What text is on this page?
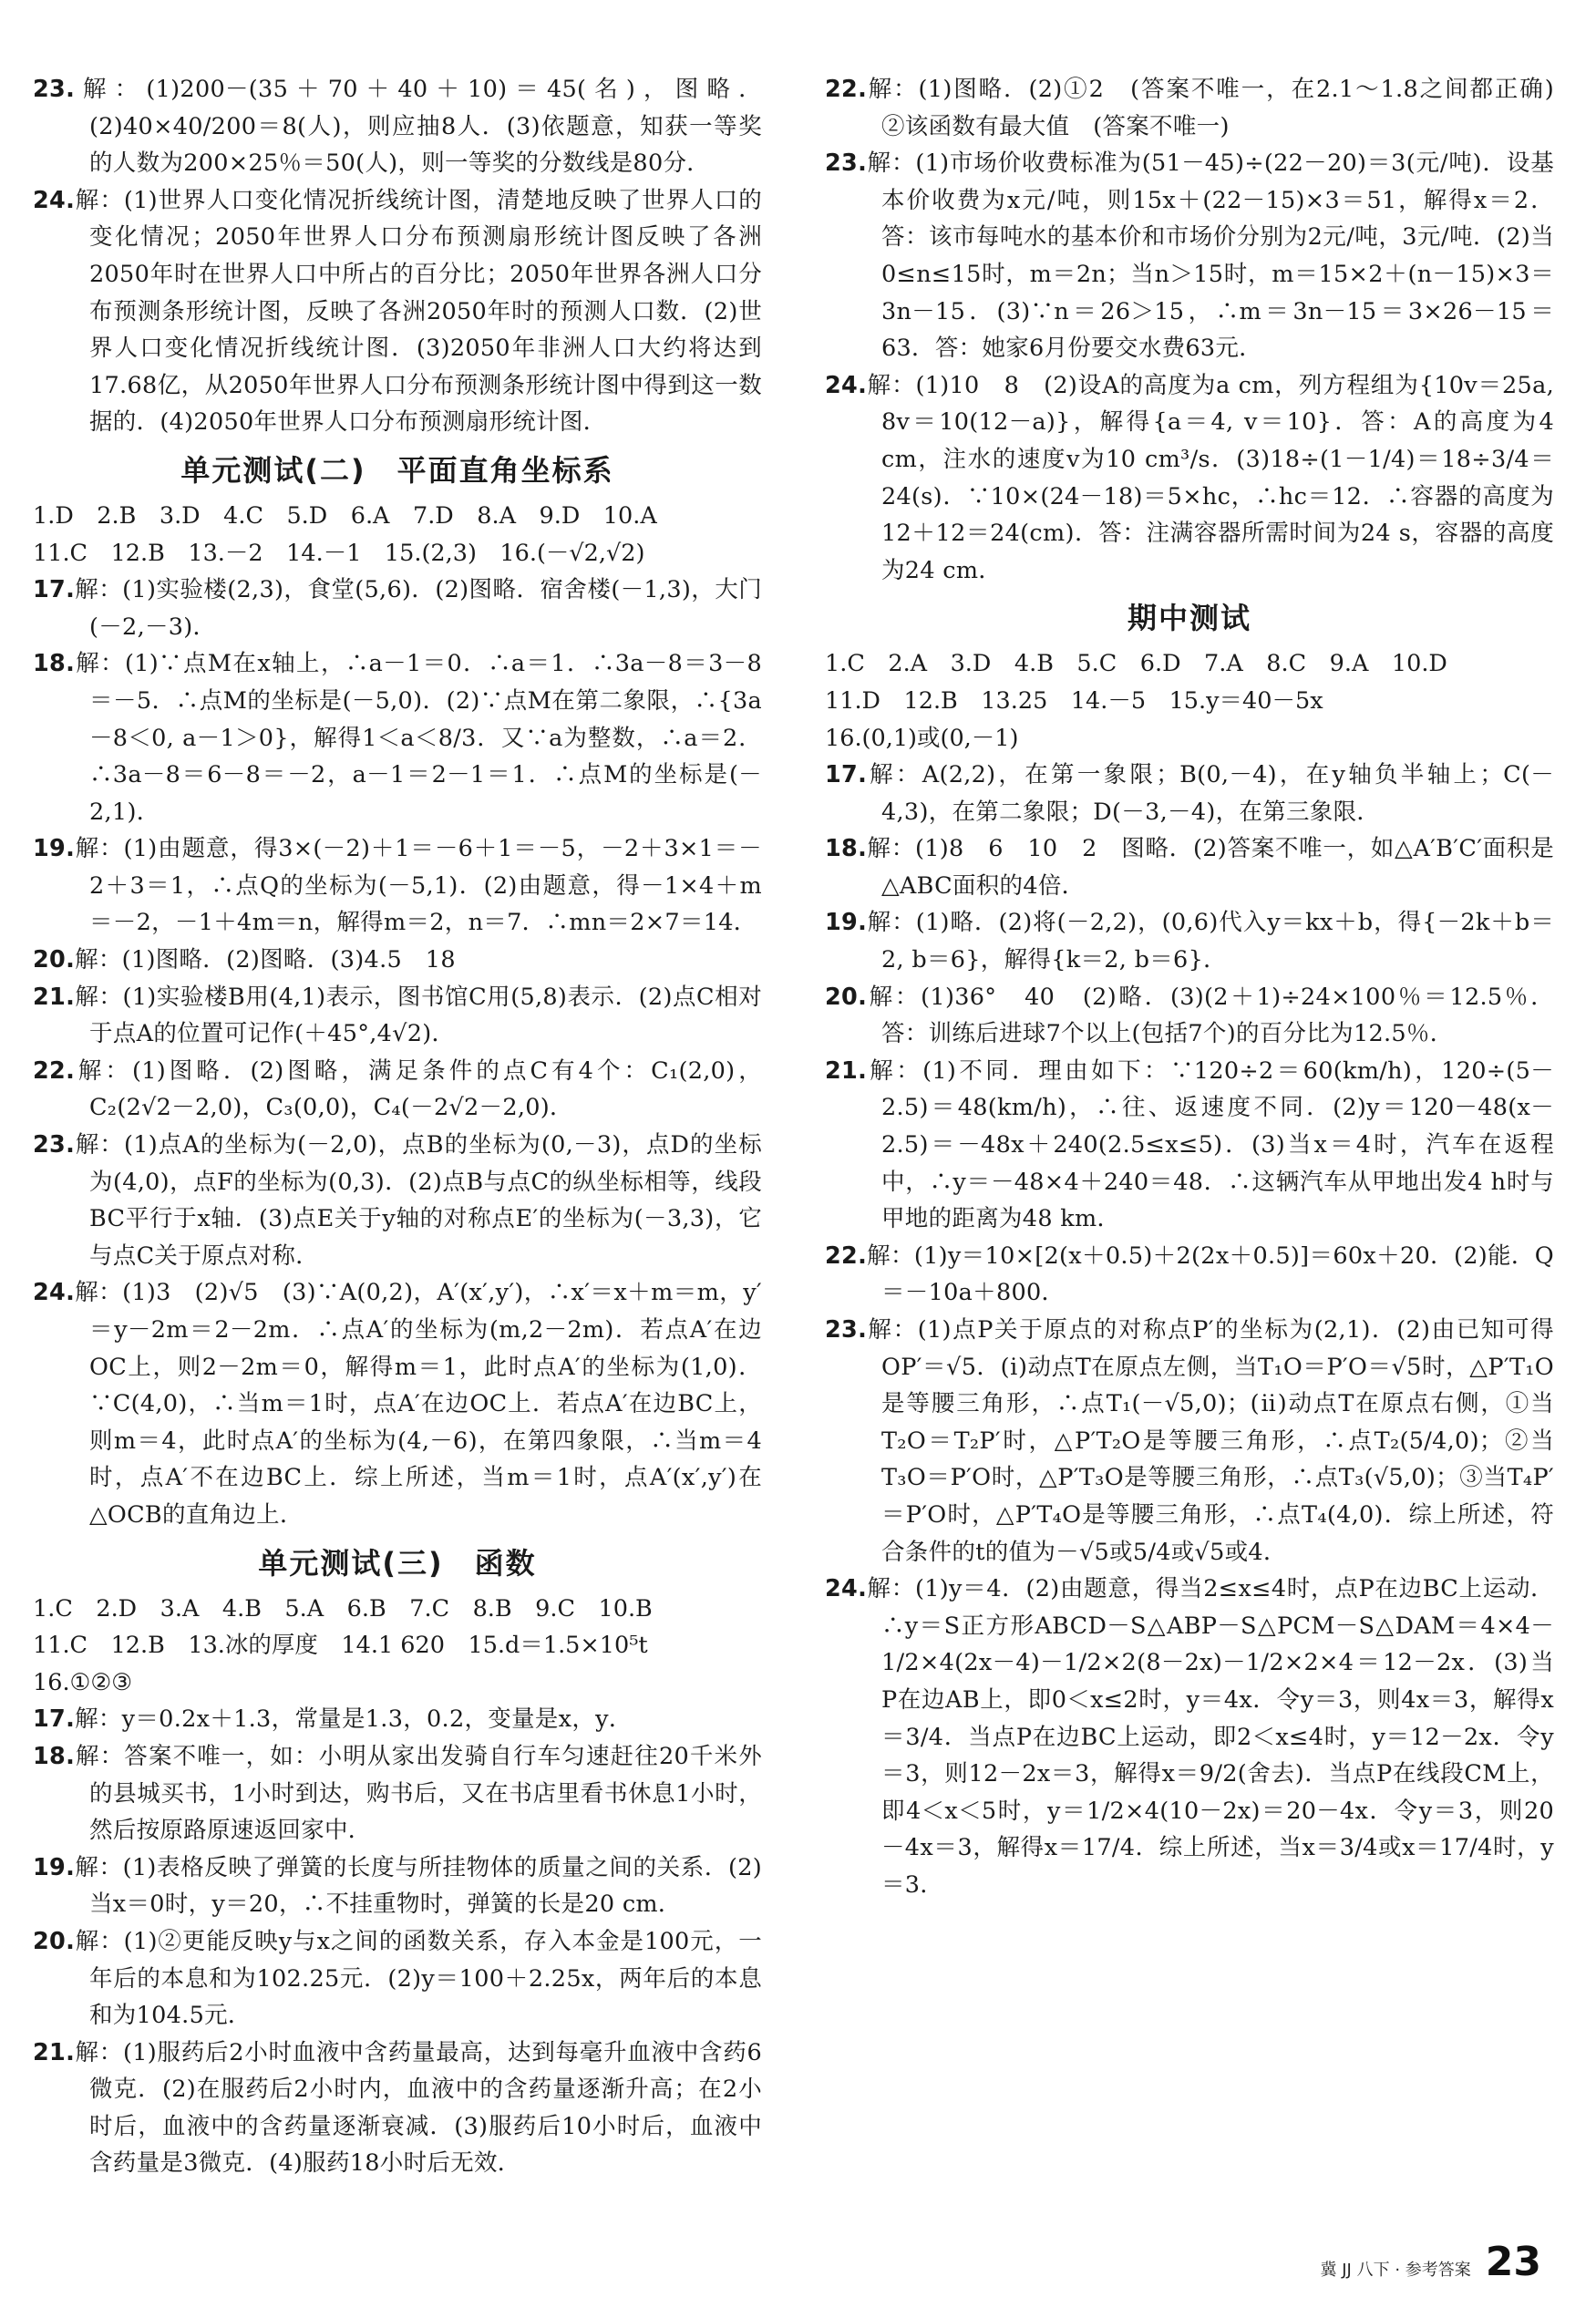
23.解：(1)200－(35＋70＋40＋10)＝45(名)，图略．(2)40×40/200＝8(人)，则应抽8人．(3)依题意，知获一等奖的人数为200×25％＝50(人)，则一等奖的分数线是80分．

24.解：(1)世界人口变化情况折线统计图，清楚地反映了世界人口的变化情况；2050年世界人口分布预测扇形统计图反映了各洲2050年时在世界人口中所占的百分比；2050年世界各洲人口分布预测条形统计图，反映了各洲2050年时的预测人口数．(2)世界人口变化情况折线统计图．(3)2050年非洲人口大约将达到17.68亿，从2050年世界人口分布预测条形统计图中得到这一数据的．(4)2050年世界人口分布预测扇形统计图．

单元测试(二)　平面直角坐标系

1.D　2.B　3.D　4.C　5.D　6.A　7.D　8.A　9.D　10.A

11.C　12.B　13.－2　14.－1　15.(2,3)　16.(－√2,√2)

17.解：(1)实验楼(2,3)，食堂(5,6)．(2)图略．宿舍楼(－1,3)，大门(－2,－3)．

18.解：(1)∵点M在x轴上，∴a－1＝0．∴a＝1．∴3a－8＝3－8＝－5．∴点M的坐标是(－5,0)．(2)∵点M在第二象限，∴{3a－8＜0, a－1＞0}，解得1＜a＜8/3．又∵a为整数，∴a＝2．∴3a－8＝6－8＝－2，a－1＝2－1＝1．∴点M的坐标是(－2,1)．

19.解：(1)由题意，得3×(－2)＋1＝－6＋1＝－5，－2＋3×1＝－2＋3＝1，∴点Q的坐标为(－5,1)．(2)由题意，得－1×4＋m＝－2，－1＋4m＝n，解得m＝2，n＝7．∴mn＝2×7＝14．

20.解：(1)图略．(2)图略．(3)4.5　18

21.解：(1)实验楼B用(4,1)表示，图书馆C用(5,8)表示．(2)点C相对于点A的位置可记作(＋45°,4√2)．

22.解：(1)图略．(2)图略，满足条件的点C有4个：C₁(2,0)，C₂(2√2－2,0)，C₃(0,0)，C₄(－2√2－2,0)．

23.解：(1)点A的坐标为(－2,0)，点B的坐标为(0,－3)，点D的坐标为(4,0)，点F的坐标为(0,3)．(2)点B与点C的纵坐标相等，线段BC平行于x轴．(3)点E关于y轴的对称点E′的坐标为(－3,3)，它与点C关于原点对称．

24.解：(1)3　(2)√5　(3)∵A(0,2)，A′(x′,y′)，∴x′＝x＋m＝m，y′＝y－2m＝2－2m．∴点A′的坐标为(m,2－2m)．若点A′在边OC上，则2－2m＝0，解得m＝1，此时点A′的坐标为(1,0)．∵C(4,0)，∴当m＝1时，点A′在边OC上．若点A′在边BC上，则m＝4，此时点A′的坐标为(4,－6)，在第四象限，∴当m＝4时，点A′不在边BC上．综上所述，当m＝1时，点A′(x′,y′)在△OCB的直角边上．

单元测试(三)　函数

1.C　2.D　3.A　4.B　5.A　6.B　7.C　8.B　9.C　10.B

11.C　12.B　13.冰的厚度　14.1 620　15.d＝1.5×10⁵t

16.①②③

17.解：y＝0.2x＋1.3，常量是1.3，0.2，变量是x，y．

18.解：答案不唯一，如：小明从家出发骑自行车匀速赶往20千米外的县城买书，1小时到达，购书后，又在书店里看书休息1小时，然后按原路原速返回家中．

19.解：(1)表格反映了弹簧的长度与所挂物体的质量之间的关系．(2)当x＝0时，y＝20，∴不挂重物时，弹簧的长是20 cm．

20.解：(1)②更能反映y与x之间的函数关系，存入本金是100元，一年后的本息和为102.25元．(2)y＝100＋2.25x，两年后的本息和为104.5元．

21.解：(1)服药后2小时血液中含药量最高，达到每毫升血液中含药6微克．(2)在服药后2小时内，血液中的含药量逐渐升高；在2小时后，血液中的含药量逐渐衰减．(3)服药后10小时后，血液中含药量是3微克．(4)服药18小时后无效．

22.解：(1)图略．(2)①2　(答案不唯一，在2.1～1.8之间都正确)　②该函数有最大值　(答案不唯一)

23.解：(1)市场价收费标准为(51－45)÷(22－20)＝3(元/吨)．设基本价收费为x元/吨，则15x＋(22－15)×3＝51，解得x＝2．答：该市每吨水的基本价和市场价分别为2元/吨，3元/吨．(2)当0≤n≤15时，m＝2n；当n＞15时，m＝15×2＋(n－15)×3＝3n－15．(3)∵n＝26＞15，∴m＝3n－15＝3×26－15＝63．答：她家6月份要交水费63元．

24.解：(1)10　8　(2)设A的高度为a cm，列方程组为{10v＝25a, 8v＝10(12－a)}，解得{a＝4, v＝10}．答：A的高度为4 cm，注水的速度v为10 cm³/s．(3)18÷(1－1/4)＝18÷3/4＝24(s)．∵10×(24－18)＝5×hc，∴hc＝12．∴容器的高度为12＋12＝24(cm)．答：注满容器所需时间为24 s，容器的高度为24 cm．

期中测试

1.C　2.A　3.D　4.B　5.C　6.D　7.A　8.C　9.A　10.D

11.D　12.B　13.25　14.－5　15.y＝40－5x

16.(0,1)或(0,－1)

17.解：A(2,2)，在第一象限；B(0,－4)，在y轴负半轴上；C(－4,3)，在第二象限；D(－3,－4)，在第三象限．

18.解：(1)8　6　10　2　图略．(2)答案不唯一，如△A′B′C′面积是△ABC面积的4倍．

19.解：(1)略．(2)将(－2,2)，(0,6)代入y＝kx＋b，得{－2k＋b＝2, b＝6}，解得{k＝2, b＝6}．

20.解：(1)36°　40　(2)略．(3)(2＋1)÷24×100％＝12.5％．答：训练后进球7个以上(包括7个)的百分比为12.5％．

21.解：(1)不同．理由如下：∵120÷2＝60(km/h)，120÷(5－2.5)＝48(km/h)，∴往、返速度不同．(2)y＝120－48(x－2.5)＝－48x＋240(2.5≤x≤5)．(3)当x＝4时，汽车在返程中，∴y＝－48×4＋240＝48．∴这辆汽车从甲地出发4 h时与甲地的距离为48 km．

22.解：(1)y＝10×[2(x＋0.5)＋2(2x＋0.5)]＝60x＋20．(2)能．Q＝－10a＋800．

23.解：(1)点P关于原点的对称点P′的坐标为(2,1)．(2)由已知可得OP′＝√5．(ⅰ)动点T在原点左侧，当T₁O＝P′O＝√5时，△P′T₁O是等腰三角形，∴点T₁(－√5,0)；(ⅱ)动点T在原点右侧，①当T₂O＝T₂P′时，△P′T₂O是等腰三角形，∴点T₂(5/4,0)；②当T₃O＝P′O时，△P′T₃O是等腰三角形，∴点T₃(√5,0)；③当T₄P′＝P′O时，△P′T₄O是等腰三角形，∴点T₄(4,0)．综上所述，符合条件的t的值为－√5或5/4或√5或4．

24.解：(1)y＝4．(2)由题意，得当2≤x≤4时，点P在边BC上运动．∴y＝S正方形ABCD－S△ABP－S△PCM－S△DAM＝4×4－1/2×4(2x－4)－1/2×2(8－2x)－1/2×2×4＝12－2x．(3)当P在边AB上，即0＜x≤2时，y＝4x．令y＝3，则4x＝3，解得x＝3/4．当点P在边BC上运动，即2＜x≤4时，y＝12－2x．令y＝3，则12－2x＝3，解得x＝9/2(舍去)．当点P在线段CM上，即4＜x＜5时，y＝1/2×4(10－2x)＝20－4x．令y＝3，则20－4x＝3，解得x＝17/4．综上所述，当x＝3/4或x＝17/4时，y＝3．

冀 JJ 八下 · 参考答案 23
